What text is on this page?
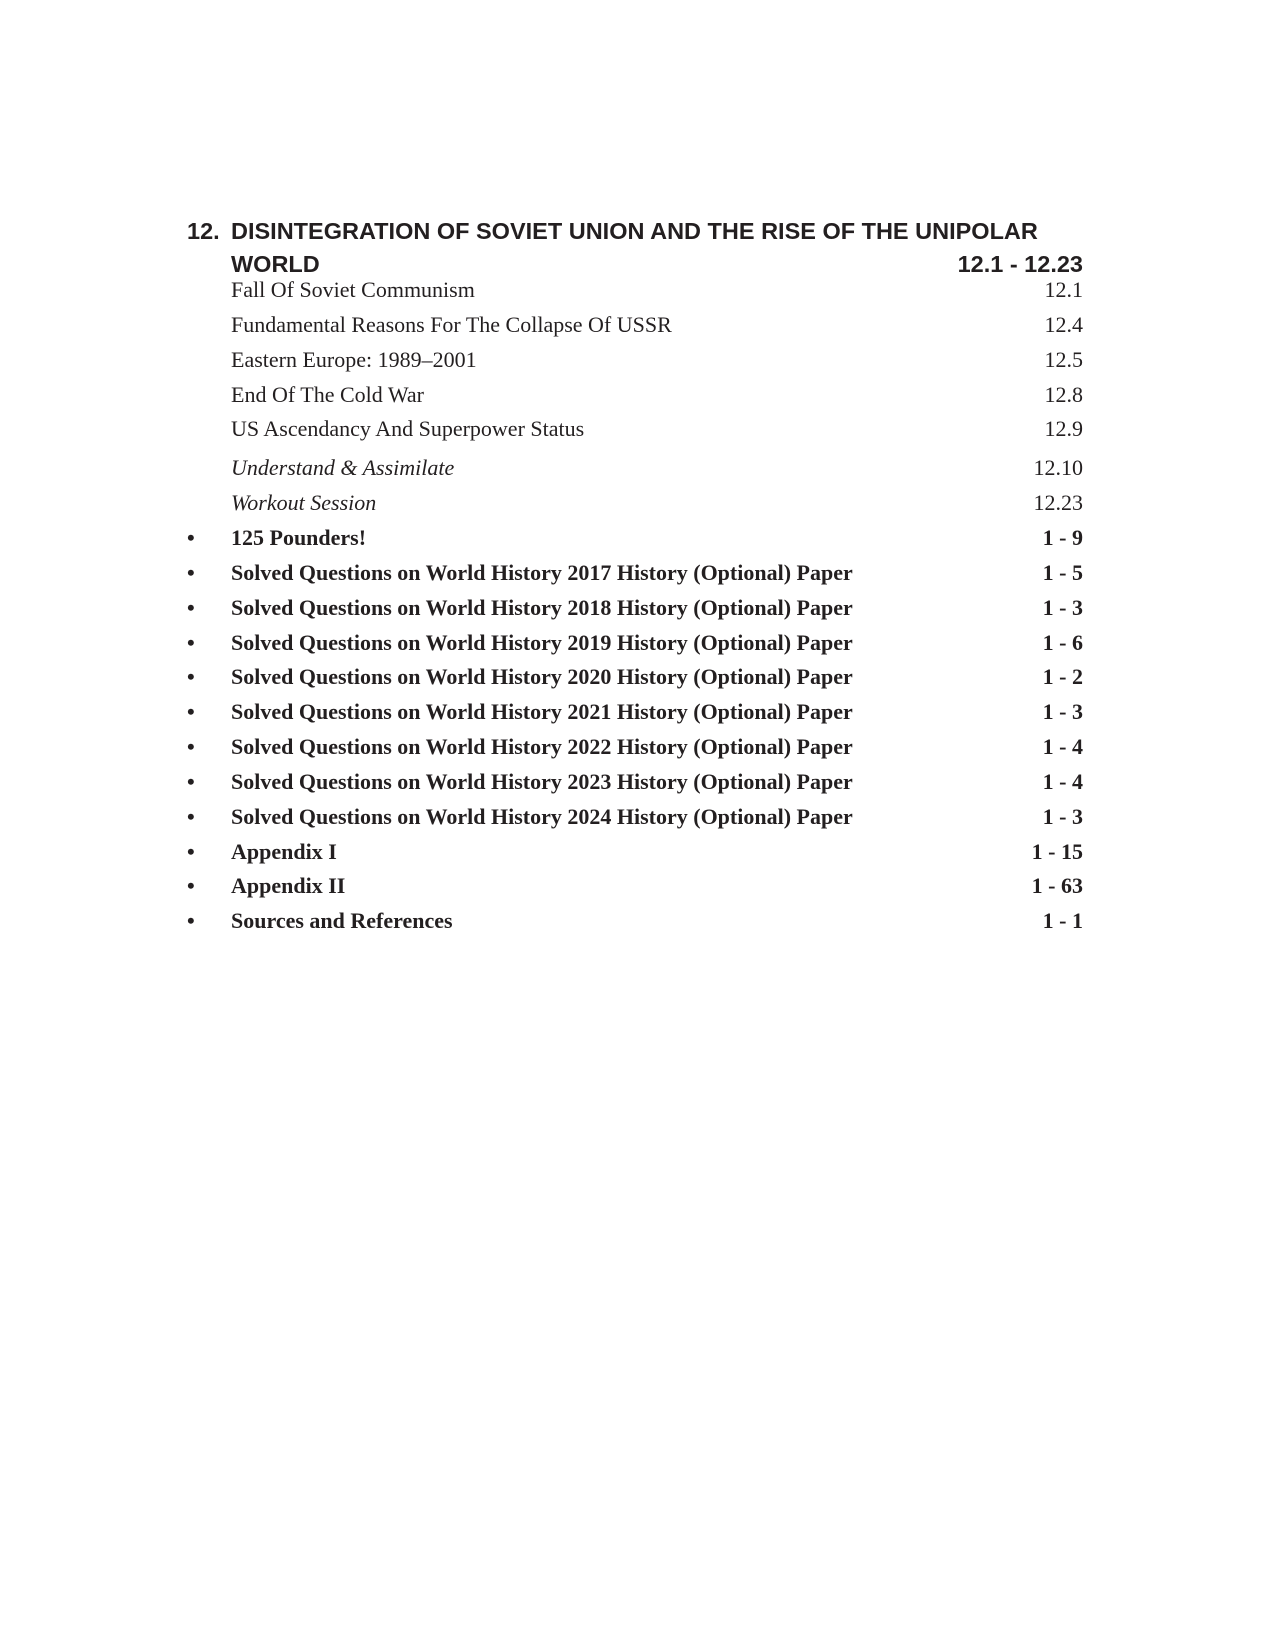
12. DISINTEGRATION OF SOVIET UNION AND THE RISE OF THE UNIPOLAR
WORLD	12.1 - 12.23
Fall Of Soviet Communism	12.1
Fundamental Reasons For The Collapse Of USSR	12.4
Eastern Europe: 1989–2001	12.5
End Of The Cold War	12.8
US Ascendancy And Superpower Status	12.9
Understand & Assimilate	12.10
Workout Session	12.23
• 125 Pounders!	1 - 9
• Solved Questions on World History 2017 History (Optional) Paper	1 - 5
• Solved Questions on World History 2018 History (Optional) Paper	1 - 3
• Solved Questions on World History 2019 History (Optional) Paper	1 - 6
• Solved Questions on World History 2020 History (Optional) Paper	1 - 2
• Solved Questions on World History 2021 History (Optional) Paper	1 - 3
• Solved Questions on World History 2022 History (Optional) Paper	1 - 4
• Solved Questions on World History 2023 History (Optional) Paper	1 - 4
• Solved Questions on World History 2024 History (Optional) Paper	1 - 3
• Appendix I	1 - 15
• Appendix II	1 - 63
• Sources and References	1 - 1
